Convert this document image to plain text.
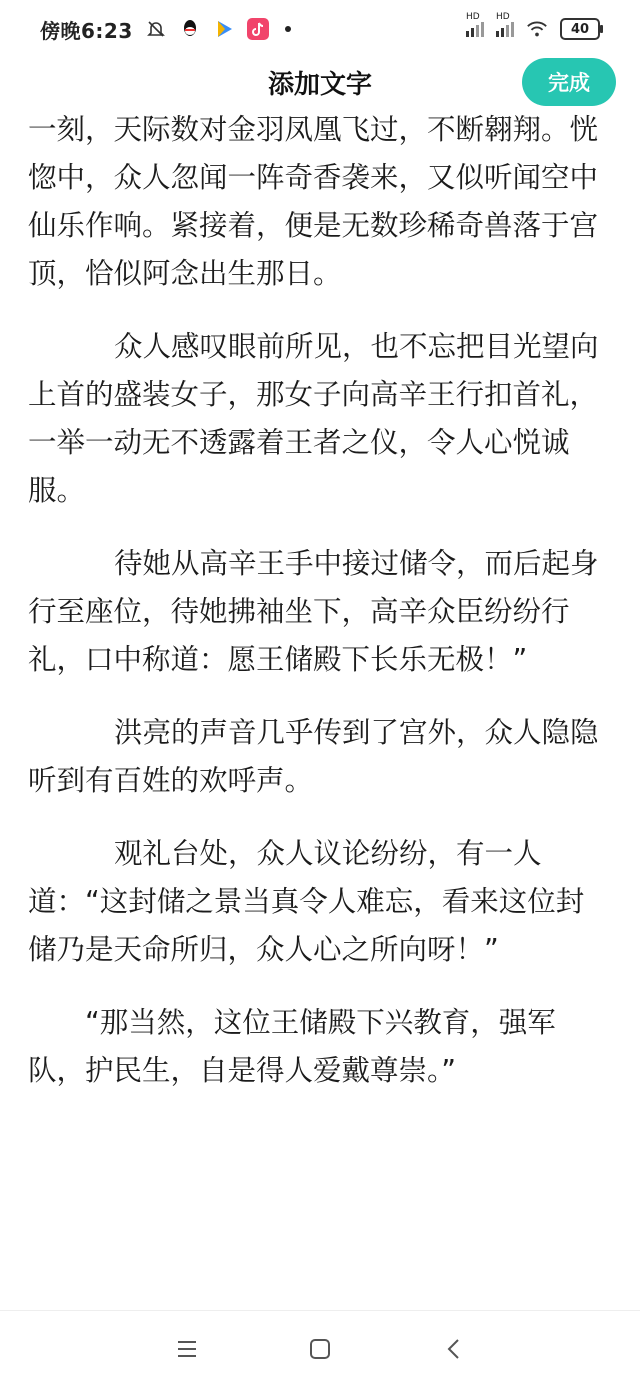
傍晚6:23
HD HD
40
添加文字	完成

一刻，天际数对金羽凤凰飞过，不断翱翔。恍惚中，众人忽闻一阵奇香袭来，又似听闻空中仙乐作响。紧接着，便是无数珍稀奇兽落于宫顶，恰似阿念出生那日。

众人感叹眼前所见，也不忘把目光望向上首的盛装女子，那女子向高辛王行扣首礼，一举一动无不透露着王者之仪，令人心悦诚服。

待她从高辛王手中接过储令，而后起身行至座位，待她拂袖坐下，高辛众臣纷纷行礼，口中称道：愿王储殿下长乐无极！”

洪亮的声音几乎传到了宫外，众人隐隐听到有百姓的欢呼声。

观礼台处，众人议论纷纷，有一人道：“这封储之景当真令人难忘，看来这位封储乃是天命所归，众人心之所向呀！”

“那当然，这位王储殿下兴教育，强军队，护民生，自是得人爱戴尊崇。”
